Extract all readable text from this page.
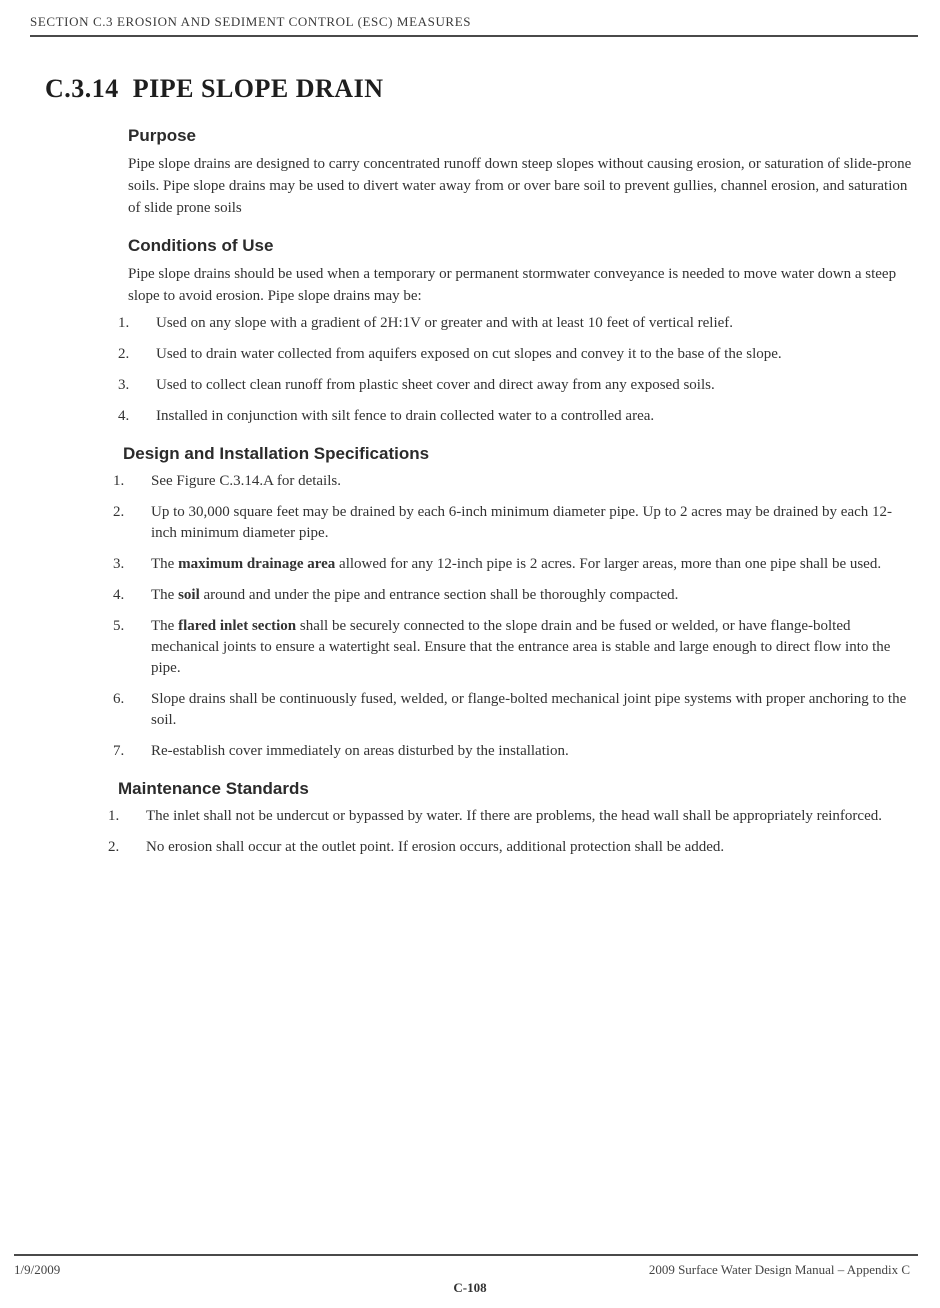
SECTION C.3 EROSION AND SEDIMENT CONTROL (ESC) MEASURES
C.3.14 PIPE SLOPE DRAIN
Purpose

Pipe slope drains are designed to carry concentrated runoff down steep slopes without causing erosion, or saturation of slide-prone soils. Pipe slope drains may be used to divert water away from or over bare soil to prevent gullies, channel erosion, and saturation of slide prone soils

Conditions of Use

Pipe slope drains should be used when a temporary or permanent stormwater conveyance is needed to move water down a steep slope to avoid erosion. Pipe slope drains may be:

1. Used on any slope with a gradient of 2H:1V or greater and with at least 10 feet of vertical relief.
2. Used to drain water collected from aquifers exposed on cut slopes and convey it to the base of the slope.
3. Used to collect clean runoff from plastic sheet cover and direct away from any exposed soils.
4. Installed in conjunction with silt fence to drain collected water to a controlled area.
Design and Installation Specifications
1. See Figure C.3.14.A for details.
2. Up to 30,000 square feet may be drained by each 6-inch minimum diameter pipe. Up to 2 acres may be drained by each 12-inch minimum diameter pipe.
3. The maximum drainage area allowed for any 12-inch pipe is 2 acres. For larger areas, more than one pipe shall be used.
4. The soil around and under the pipe and entrance section shall be thoroughly compacted.
5. The flared inlet section shall be securely connected to the slope drain and be fused or welded, or have flange-bolted mechanical joints to ensure a watertight seal. Ensure that the entrance area is stable and large enough to direct flow into the pipe.
6. Slope drains shall be continuously fused, welded, or flange-bolted mechanical joint pipe systems with proper anchoring to the soil.
7. Re-establish cover immediately on areas disturbed by the installation.
Maintenance Standards
1. The inlet shall not be undercut or bypassed by water. If there are problems, the head wall shall be appropriately reinforced.
2. No erosion shall occur at the outlet point. If erosion occurs, additional protection shall be added.
1/9/2009	2009 Surface Water Design Manual – Appendix C
C-108
